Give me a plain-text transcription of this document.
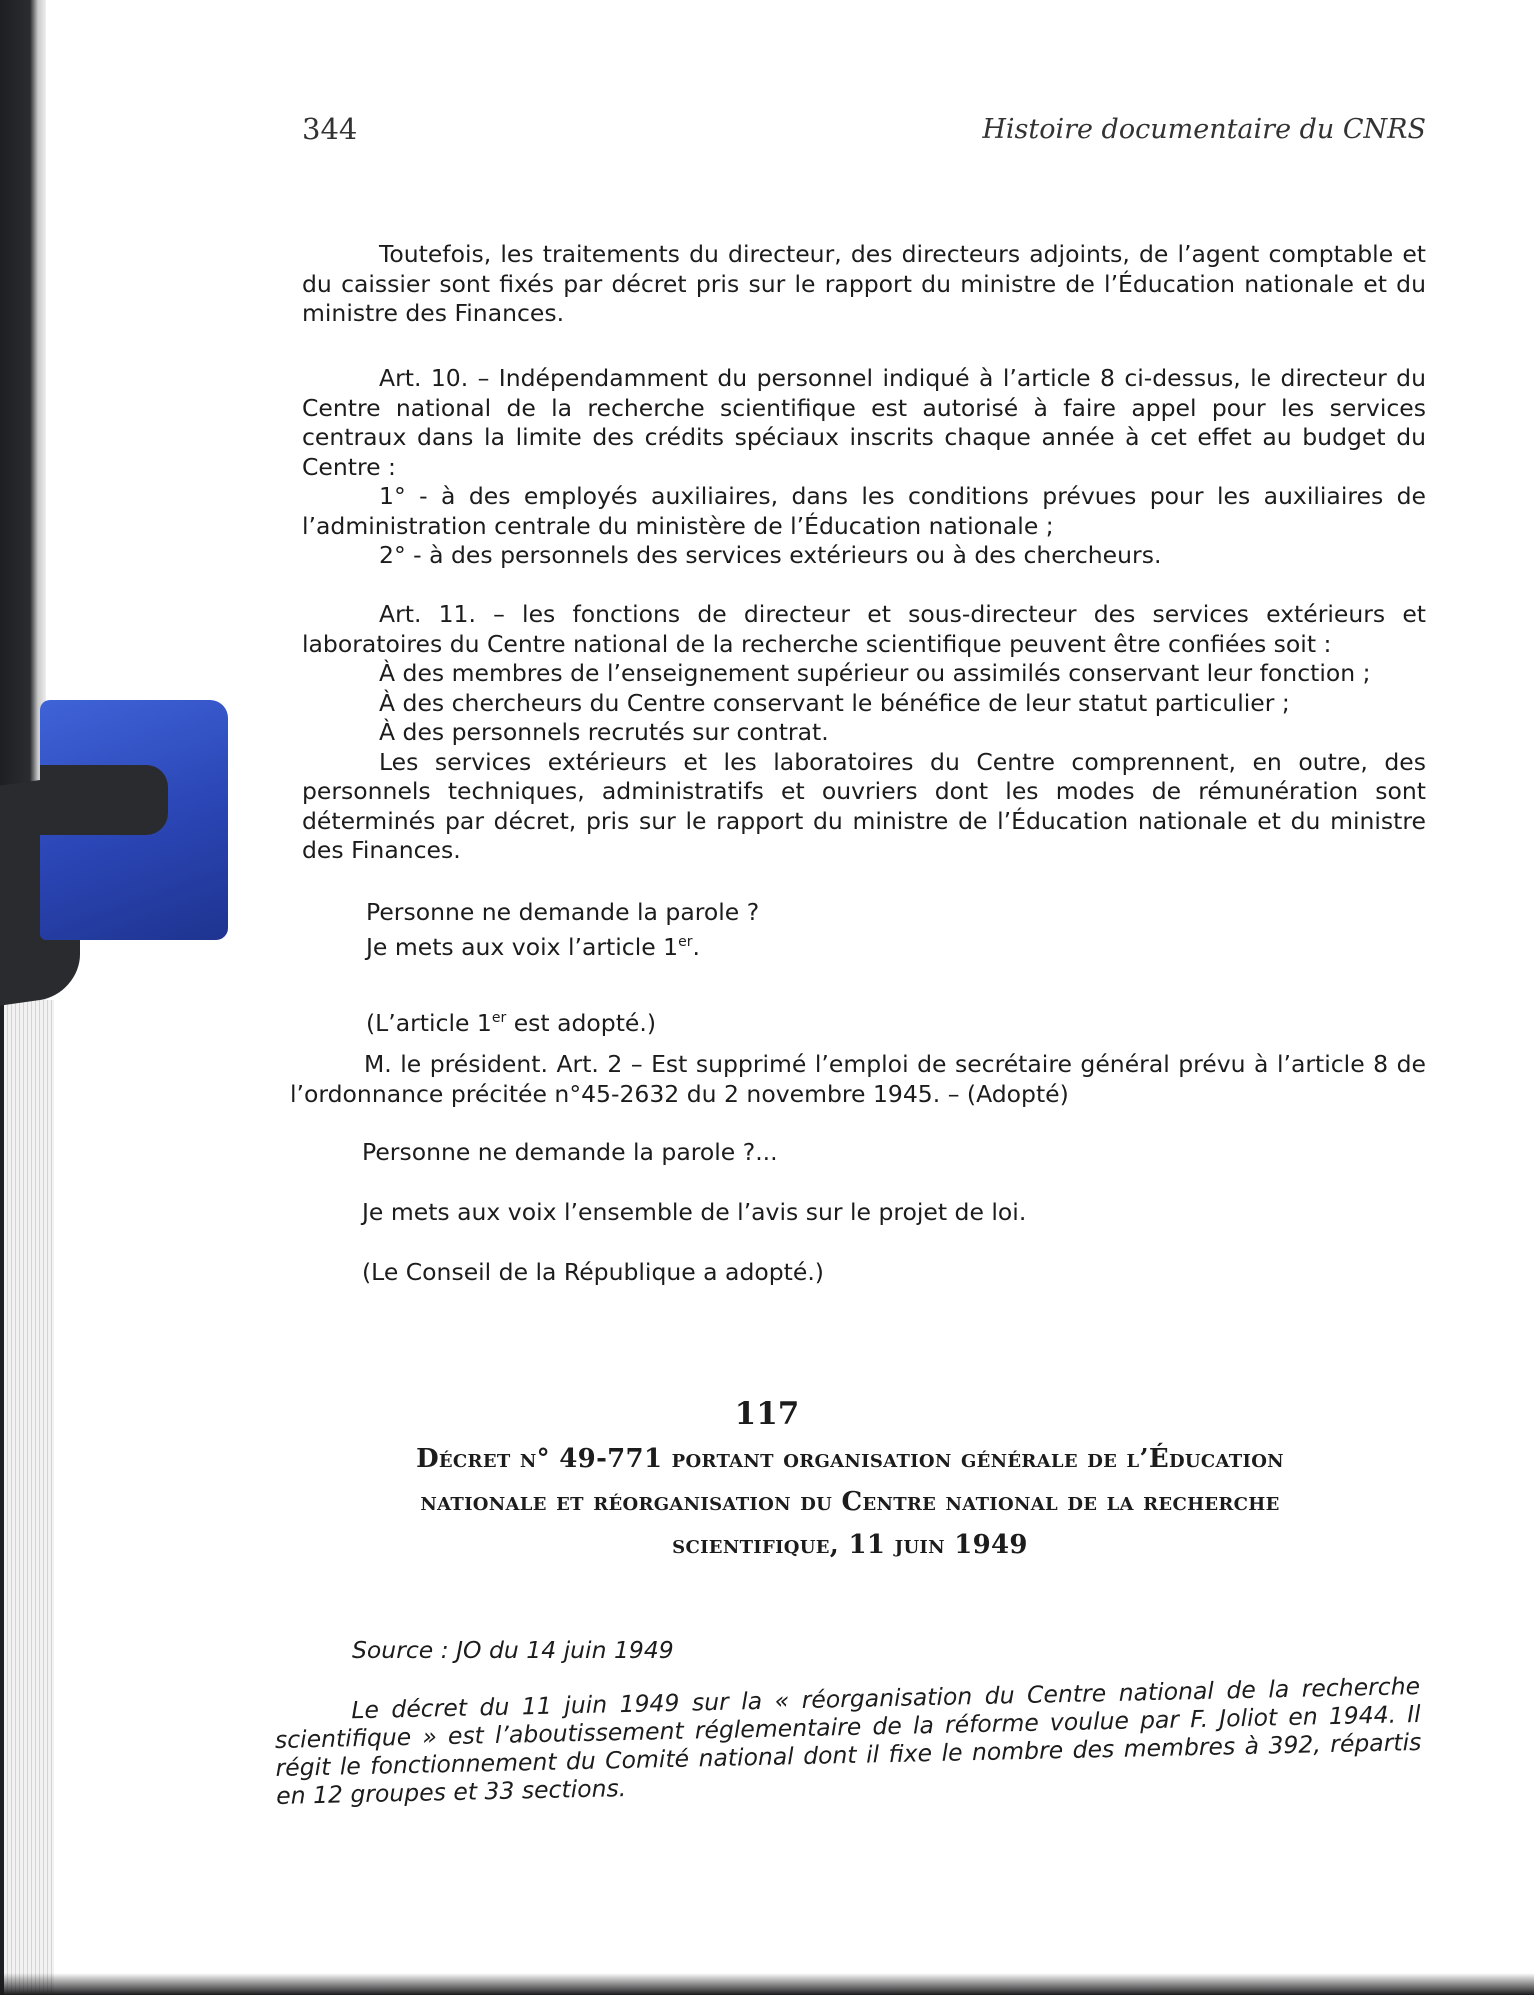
344	Histoire documentaire du CNRS

Toutefois, les traitements du directeur, des directeurs adjoints, de l’agent comptable et du caissier sont fixés par décret pris sur le rapport du ministre de l’Éducation nationale et du ministre des Finances.

Art. 10. – Indépendamment du personnel indiqué à l’article 8 ci-dessus, le directeur du Centre national de la recherche scientifique est autorisé à faire appel pour les services centraux dans la limite des crédits spéciaux inscrits chaque année à cet effet au budget du Centre :

1° - à des employés auxiliaires, dans les conditions prévues pour les auxiliaires de l’administration centrale du ministère de l’Éducation nationale ;

2° - à des personnels des services extérieurs ou à des chercheurs.

Art. 11. – les fonctions de directeur et sous-directeur des services extérieurs et laboratoires du Centre national de la recherche scientifique peuvent être confiées soit :

À des membres de l’enseignement supérieur ou assimilés conservant leur fonction ;

À des chercheurs du Centre conservant le bénéfice de leur statut particulier ;

À des personnels recrutés sur contrat.

Les services extérieurs et les laboratoires du Centre comprennent, en outre, des personnels techniques, administratifs et ouvriers dont les modes de rémunération sont déterminés par décret, pris sur le rapport du ministre de l’Éducation nationale et du ministre des Finances.

Personne ne demande la parole ?

Je mets aux voix l’article 1er.

(L’article 1er est adopté.)

M. le président. Art. 2 – Est supprimé l’emploi de secrétaire général prévu à l’article 8 de l’ordonnance précitée n°45-2632 du 2 novembre 1945. – (Adopté)

Personne ne demande la parole ?...
Je mets aux voix l’ensemble de l’avis sur le projet de loi.
(Le Conseil de la République a adopté.)
117
Décret n° 49-771 portant organisation générale de l’Éducation
nationale et réorganisation du Centre national de la recherche
scientifique, 11 juin 1949
Source : JO du 14 juin 1949

Le décret du 11 juin 1949 sur la « réorganisation du Centre national de la recherche scientifique » est l’aboutissement réglementaire de la réforme voulue par F. Joliot en 1944. Il régit le fonctionnement du Comité national dont il fixe le nombre des membres à 392, répartis en 12 groupes et 33 sections.
